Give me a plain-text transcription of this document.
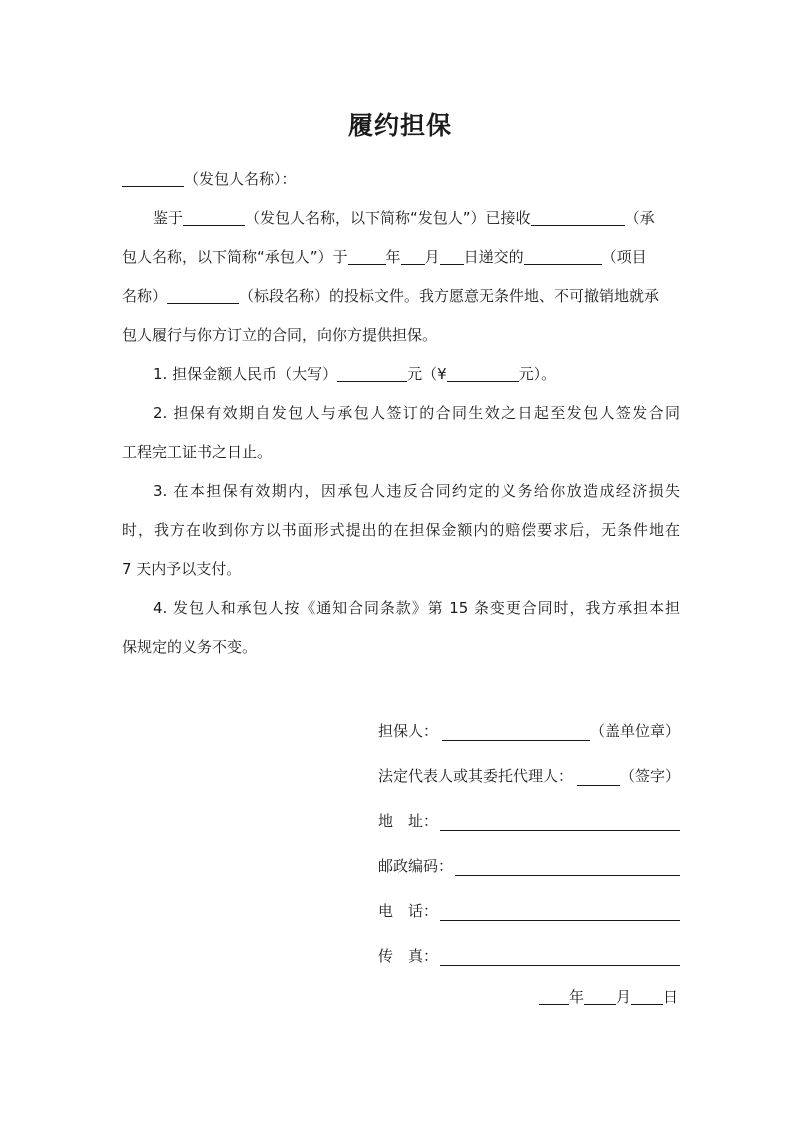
履约担保
（发包人名称）：
鉴于	（发包人名称，以下简称“发包人”）已接收	（承
包人名称，以下简称“承包人”）于	年 月 日递交的	（项目
名称）	（标段名称）的投标文件。我方愿意无条件地、不可撤销地就承
包人履行与你方订立的合同，向你方提供担保。
1. 担保金额人民币（大写）	元（¥	元）。
2. 担保有效期自发包人与承包人签订的合同生效之日起至发包人签发合同
工程完工证书之日止。
3. 在本担保有效期内，因承包人违反合同约定的义务给你放造成经济损失
时，我方在收到你方以书面形式提出的在担保金额内的赔偿要求后，无条件地在
7 天内予以支付。
4. 发包人和承包人按《通知合同条款》第 15 条变更合同时，我方承担本担
保规定的义务不变。
担保人：	（盖单位章）
法定代表人或其委托代理人：	（签字）
地　址：
邮政编码：
电　话：
传　真：
年 月 日
